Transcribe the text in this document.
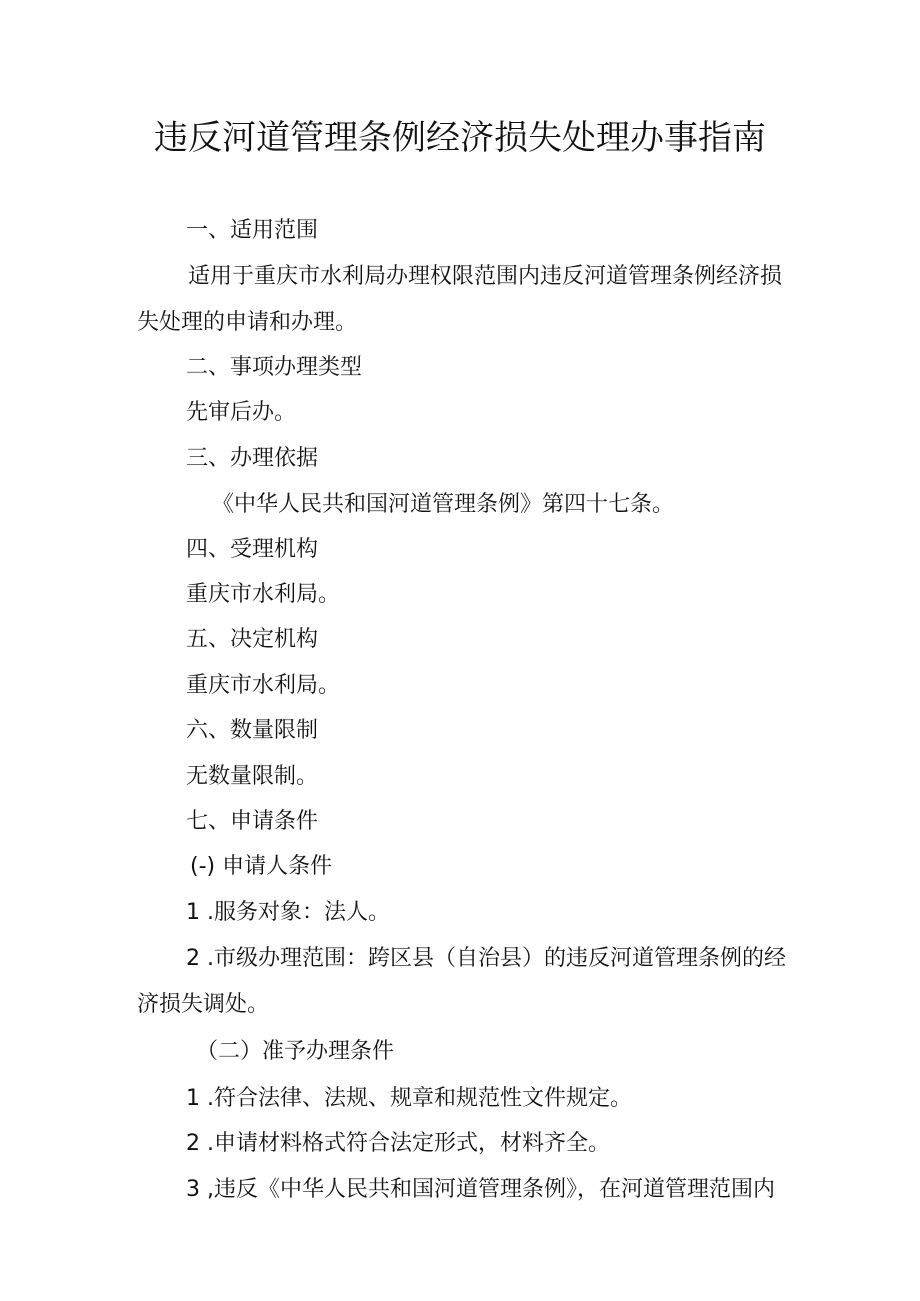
违反河道管理条例经济损失处理办事指南
一、适用范围
适用于重庆市水利局办理权限范围内违反河道管理条例经济损
失处理的申请和办理。
二、事项办理类型
先审后办。
三、办理依据
《中华人民共和国河道管理条例》第四十七条。
四、受理机构
重庆市水利局。
五、决定机构
重庆市水利局。
六、数量限制
无数量限制。
七、申请条件
(-) 申请人条件
1 .服务对象：法人。
2 .市级办理范围：跨区县（自治县）的违反河道管理条例的经
济损失调处。
（二）准予办理条件
1 .符合法律、法规、规章和规范性文件规定。
2 .申请材料格式符合法定形式，材料齐全。
3 ,违反《中华人民共和国河道管理条例》，在河道管理范围内
